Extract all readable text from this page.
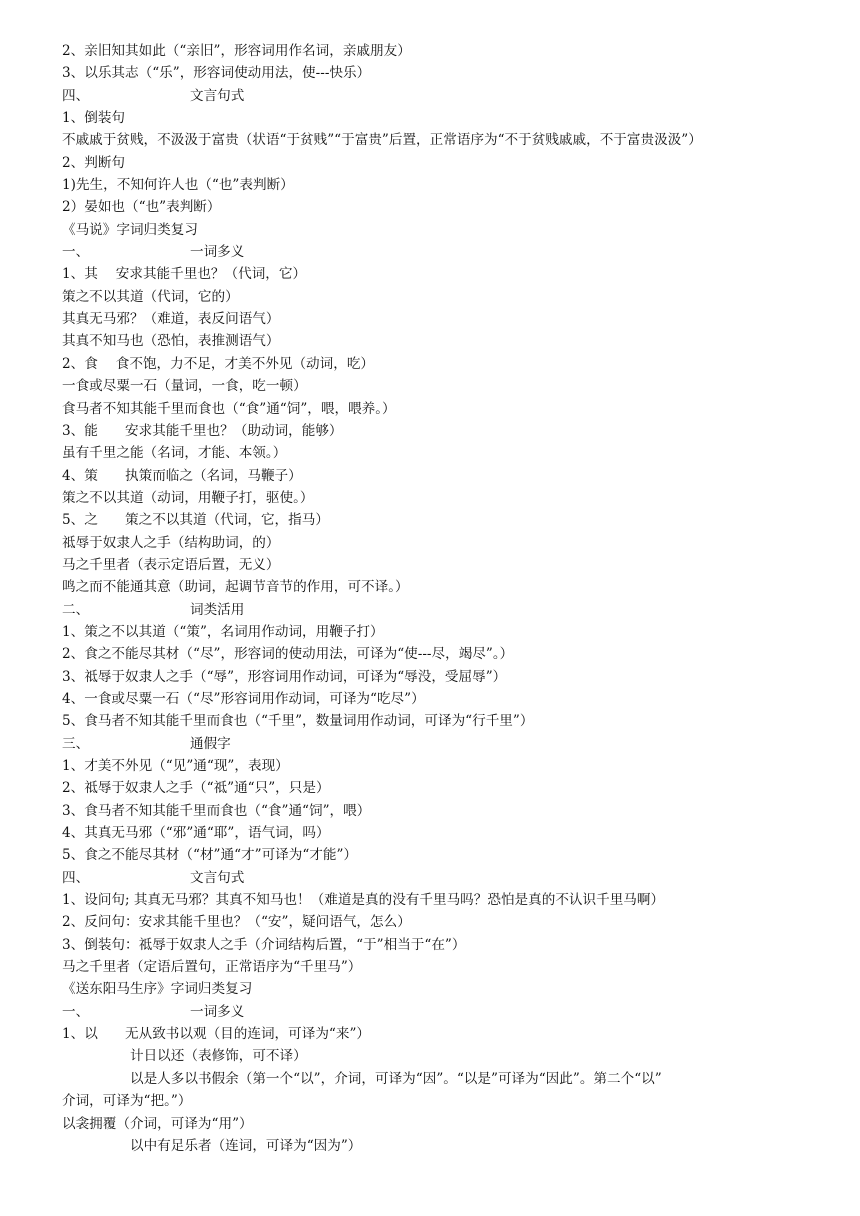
2、亲旧知其如此（“亲旧”，形容词用作名词，亲戚朋友）
3、以乐其志（“乐”，形容词使动用法，使---快乐）
四、	文言句式
1、倒装句
不戚戚于贫贱，不汲汲于富贵（状语“于贫贱”“于富贵”后置，正常语序为“不于贫贱戚戚，不于富贵汲汲”）
2、判断句
1)先生，不知何许人也（“也”表判断）
2）晏如也（“也”表判断）
《马说》字词归类复习
一、	一词多义
1、其　 安求其能千里也？（代词，它）
策之不以其道（代词，它的）
其真无马邪？（难道，表反问语气）
其真不知马也（恐怕，表推测语气）
2、食　 食不饱，力不足，才美不外见（动词，吃）
一食或尽粟一石（量词，一食，吃一顿）
食马者不知其能千里而食也（“食”通“饲”，喂，喂养。）
3、能　　安求其能千里也？（助动词，能够）
虽有千里之能（名词，才能、本领。）
4、策　　执策而临之（名词，马鞭子）
策之不以其道（动词，用鞭子打，驱使。）
5、之　　策之不以其道（代词，它，指马）
祗辱于奴隶人之手（结构助词，的）
马之千里者（表示定语后置，无义）
鸣之而不能通其意（助词，起调节音节的作用，可不译。）
二、	词类活用
1、策之不以其道（“策”，名词用作动词，用鞭子打）
2、食之不能尽其材（“尽”，形容词的使动用法，可译为“使---尽，竭尽”。）
3、祗辱于奴隶人之手（“辱”，形容词用作动词，可译为“辱没，受屈辱”）
4、一食或尽粟一石（“尽”形容词用作动词，可译为“吃尽”）
5、食马者不知其能千里而食也（“千里”，数量词用作动词，可译为“行千里”）
三、	通假字
1、才美不外见（“见”通“现”，表现）
2、祗辱于奴隶人之手（“祗”通“只”，只是）
3、食马者不知其能千里而食也（“食”通“饲”，喂）
4、其真无马邪（“邪”通“耶”，语气词，吗）
5、食之不能尽其材（“材”通“才”可译为“才能”）
四、	文言句式
1、设问句; 其真无马邪？其真不知马也！（难道是真的没有千里马吗？恐怕是真的不认识千里马啊）
2、反问句：安求其能千里也？（“安”，疑问语气，怎么）
3、倒装句：祗辱于奴隶人之手（介词结构后置，“于”相当于“在”）
马之千里者（定语后置句，正常语序为“千里马”）
《送东阳马生序》字词归类复习
一、	一词多义
1、以　　无从致书以观（目的连词，可译为“来”）
计日以还（表修饰，可不译）
以是人多以书假余（第一个“以”，介词，可译为“因”。“以是”可译为“因此”。第二个“以”
介词，可译为“把。”）
以衾拥覆（介词，可译为“用”）
以中有足乐者（连词，可译为“因为”）
